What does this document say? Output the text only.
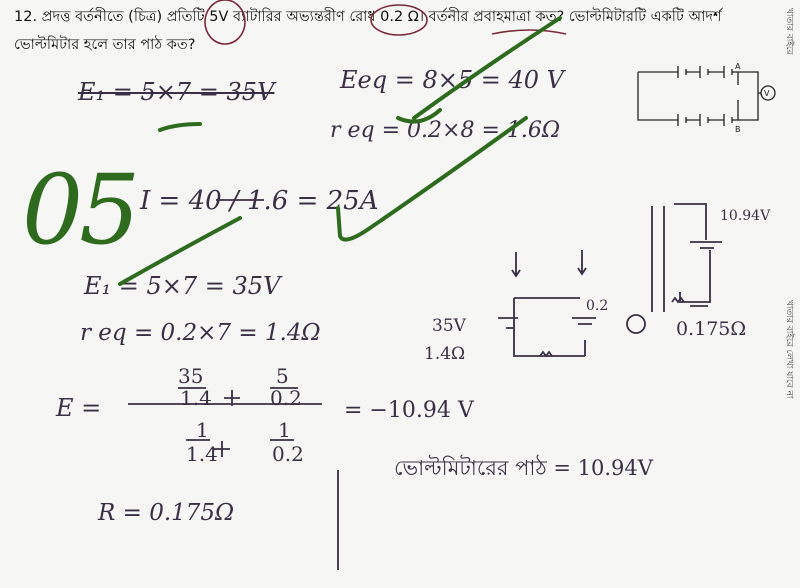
12. প্রদত্ত বর্তনীতে (চিত্র) প্রতিটি 5V ব্যাটারির অভ্যন্তরীণ রোধ 0.2 Ω। বর্তনীর প্রবাহমাত্রা কত? ভোল্টমিটারটি একটি আদর্শ
ভোল্টমিটার হলে তার পাঠ কত?
A
B
V
E₁ = 5×7 = 35V	Eeq = 8×5 = 40 V
r eq = 0.2×8 = 1.6Ω
I = 40 / 1.6 = 25A
E₁ = 5×7 = 35V
r eq = 0.2×7 = 1.4Ω
E =
35
1.4
5
0.2
1
1.4
1
0.2
= −10.94 V
R = 0.175Ω
ভোল্টমিটারের পাঠ = 10.94V
35V
1.4Ω
0.2
10.94V
0.175Ω
05
খাতার বাইরে
খাতার বাইরে লেখা যাবে না
